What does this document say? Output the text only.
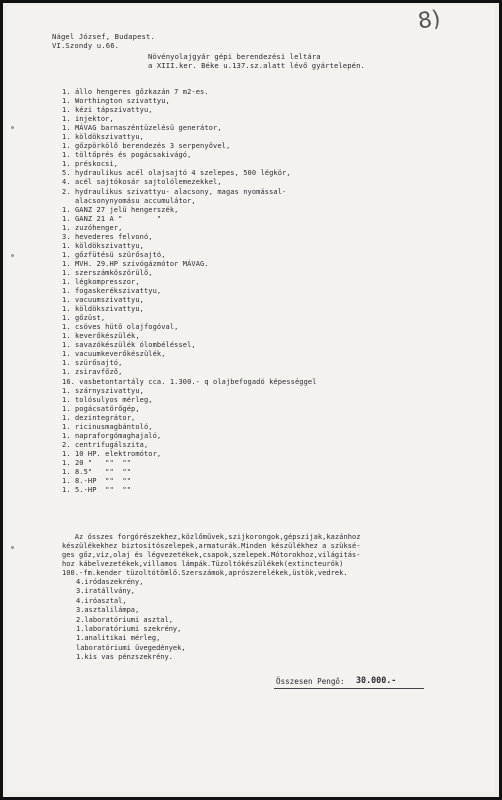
8)
Nágel József, Budapest.
VI.Szondy u.66.
Növényolajgyár gépi berendezési leltára
a XIII.ker. Béke u.137.sz.alatt lévő gyártelepén.
1. állo hengeres gőzkazán 7 m2-es.
1. Worthington szivattyu,
1. kézi tápszivattyu,
1. injektor,
1. MÁVAG barnaszéntüzelésü generátor,
1. köldökszivattyu,
1. gőzpörkölő berendezés 3 serpenyővel,
1. töltőprés és pogácsakivágó,
1. préskocsi,
5. hydraulikus acél olajsajtó 4 szelepes, 500 légkör,
4. acél sajtókosár sajtolólemezekkel,
2. hydraulikus szivattyu- alacsony, magas nyomással-
alacsonynyomásu accumulátor,
1. GANZ 27 jelü hengerszék,
1. GANZ 21 A "        "
1. zuzóhenger,
3. hevederes felvonó,
1. köldökszivattyu,
1. gőzfütésü szürősajtó,
1. MVH. 29.HP szivógázmótor MÁVAG.
1. szerszámköszörülő,
1. légkompresszor,
1. fogaskerékszivattyu,
1. vacuumszivattyu,
1. köldökszivattyu,
1. gőzüst,
1. csöves hütő olajfogóval,
1. keverőkészülék,
1. savazókészülék ólombéléssel,
1. vacuumkeverőkészülék,
1. szürősajtó,
1. zsiravfőző,
16. vasbetontartály cca. 1.300.- q olajbefogadó képességgel
1. szárnyszivattyu,
1. tolósulyos mérleg,
1. pogácsatörőgép,
1. dezintegrátor,
1. ricinusmagbántoló,
1. napraforgómaghajaló,
2. centrifugálszita,
1. 10 HP. elektromótor,
1. 20 "   ""  ""
1. 8.5"   ""  ""
1. 8.-HP  ""  ""
1. 5.-HP  ""  ""
Az összes forgórészekhez,közlőművek,szijkorongok,gépszijak,kazánhoz
készülékekhez biztositószelepek,armaturák.Minden készülékhez a szüksé-
ges gőz,viz,olaj és légvezetékek,csapok,szelepek.Mótorokhoz,világitás-
hoz kábelvezetékek,villamos lámpák.Tüzoltókészülékek(extincteurök)
100.-fm.kender tüzoltótömlő.Szerszámok,aprószerelékek,üstök,vedrek.
4.iródaszekrény,
3.iratállvány,
4.iróasztal,
3.asztalilámpa,
2.laboratóriumi asztal,
1.laboratóriumi szekrény,
1.analitikai mérleg,
laboratóriumi üvegedények,
1.kis vas pénzszekrény.
Összesen Pengő: 30.000.-
